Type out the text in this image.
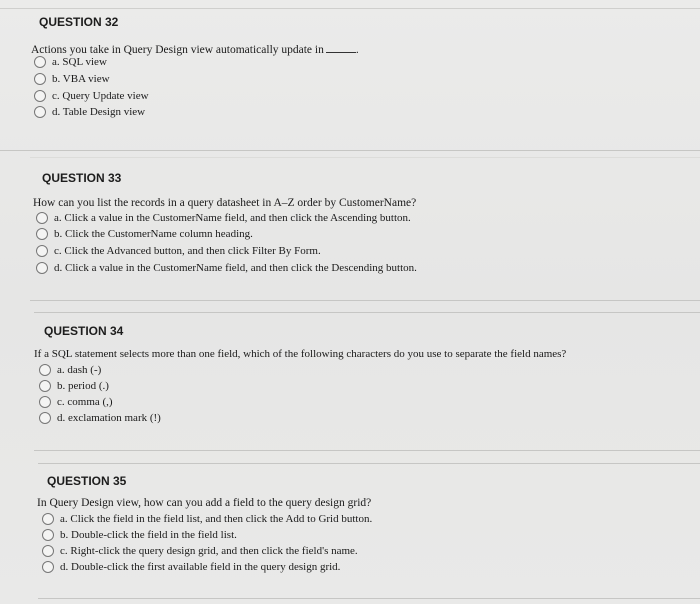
QUESTION 32
Actions you take in Query Design view automatically update in	.
a. SQL view
b. VBA view
c. Query Update view
d. Table Design view
QUESTION 33
How can you list the records in a query datasheet in A–Z order by CustomerName?
a. Click a value in the CustomerName field, and then click the Ascending button.
b. Click the CustomerName column heading.
c. Click the Advanced button, and then click Filter By Form.
d. Click a value in the CustomerName field, and then click the Descending button.
QUESTION 34
If a SQL statement selects more than one field, which of the following characters do you use to separate the field names?
a. dash (-)
b. period (.)
c. comma (,)
d. exclamation mark (!)
QUESTION 35
In Query Design view, how can you add a field to the query design grid?
a. Click the field in the field list, and then click the Add to Grid button.
b. Double-click the field in the field list.
c. Right-click the query design grid, and then click the field's name.
d. Double-click the first available field in the query design grid.
